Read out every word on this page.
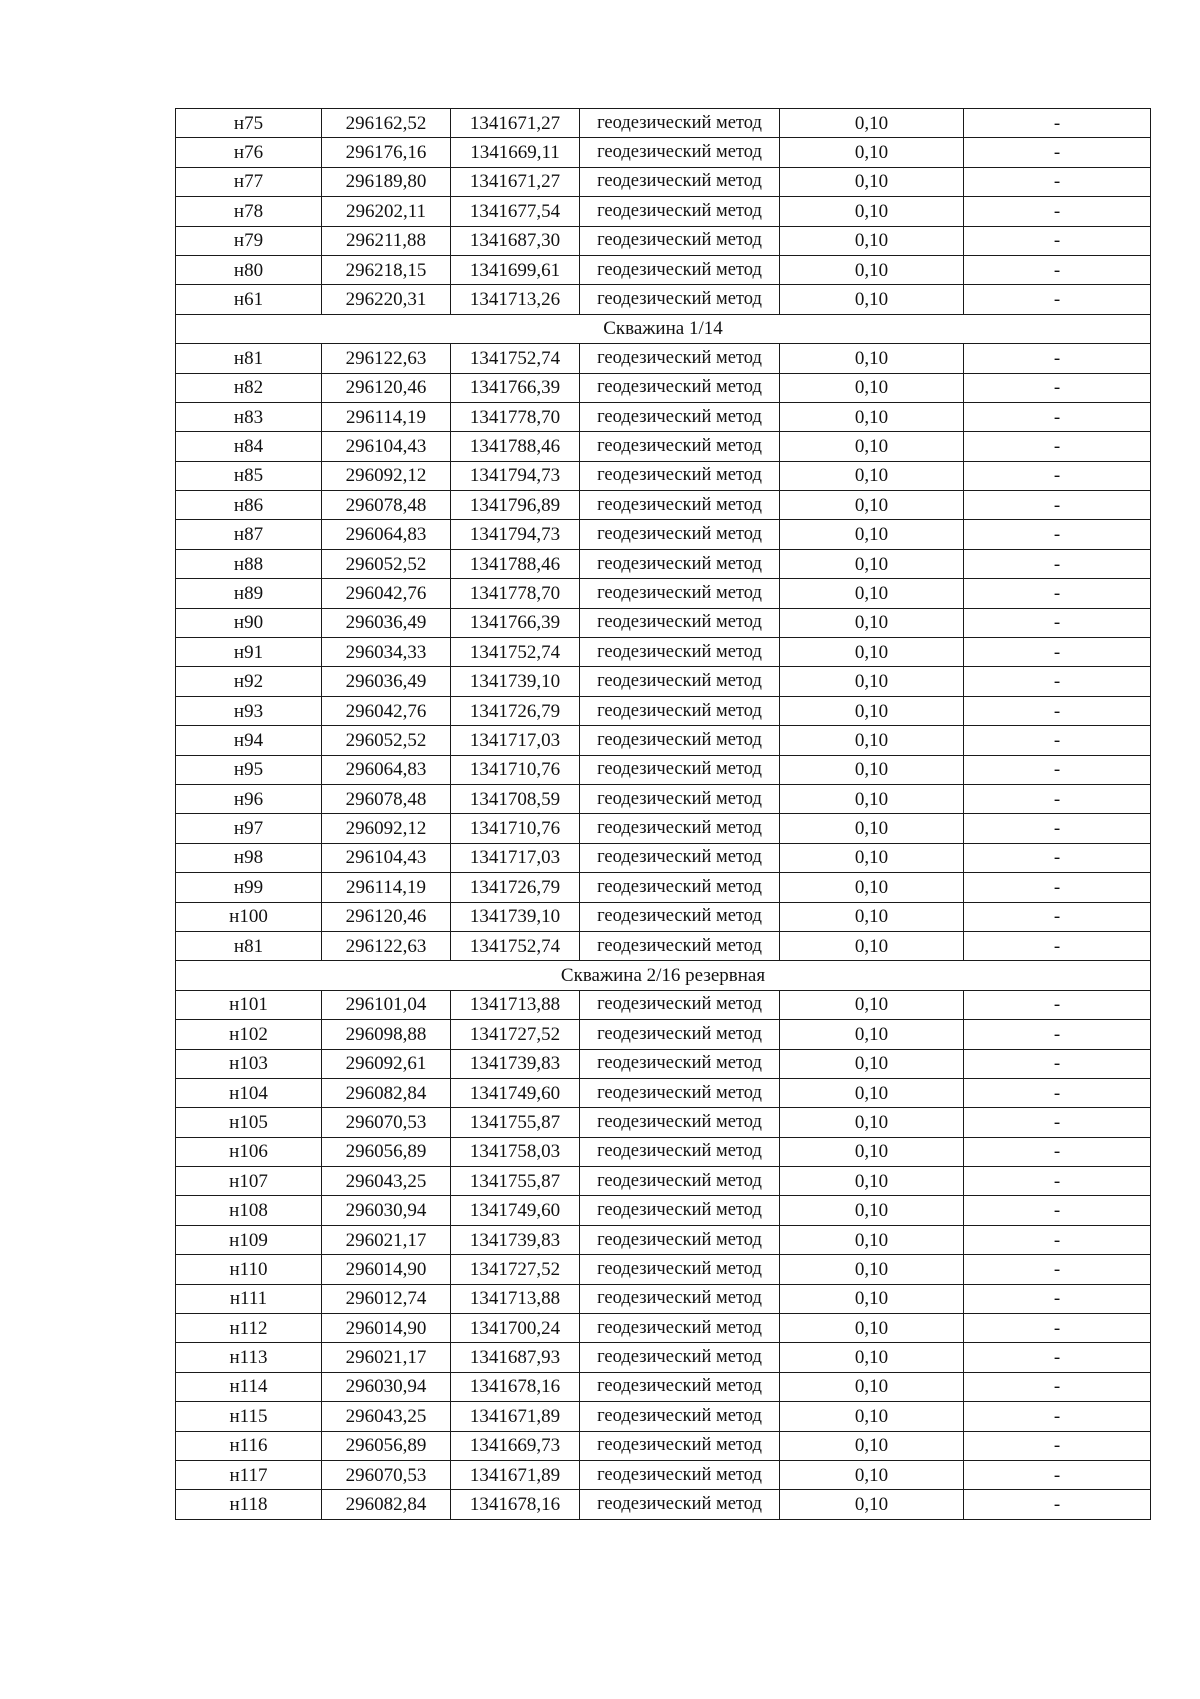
н75	296162,52	1341671,27	геодезический метод	0,10	-
н76	296176,16	1341669,11	геодезический метод	0,10	-
н77	296189,80	1341671,27	геодезический метод	0,10	-
н78	296202,11	1341677,54	геодезический метод	0,10	-
н79	296211,88	1341687,30	геодезический метод	0,10	-
н80	296218,15	1341699,61	геодезический метод	0,10	-
н61	296220,31	1341713,26	геодезический метод	0,10	-
Скважина 1/14					
н81	296122,63	1341752,74	геодезический метод	0,10	-
н82	296120,46	1341766,39	геодезический метод	0,10	-
н83	296114,19	1341778,70	геодезический метод	0,10	-
н84	296104,43	1341788,46	геодезический метод	0,10	-
н85	296092,12	1341794,73	геодезический метод	0,10	-
н86	296078,48	1341796,89	геодезический метод	0,10	-
н87	296064,83	1341794,73	геодезический метод	0,10	-
н88	296052,52	1341788,46	геодезический метод	0,10	-
н89	296042,76	1341778,70	геодезический метод	0,10	-
н90	296036,49	1341766,39	геодезический метод	0,10	-
н91	296034,33	1341752,74	геодезический метод	0,10	-
н92	296036,49	1341739,10	геодезический метод	0,10	-
н93	296042,76	1341726,79	геодезический метод	0,10	-
н94	296052,52	1341717,03	геодезический метод	0,10	-
н95	296064,83	1341710,76	геодезический метод	0,10	-
н96	296078,48	1341708,59	геодезический метод	0,10	-
н97	296092,12	1341710,76	геодезический метод	0,10	-
н98	296104,43	1341717,03	геодезический метод	0,10	-
н99	296114,19	1341726,79	геодезический метод	0,10	-
н100	296120,46	1341739,10	геодезический метод	0,10	-
н81	296122,63	1341752,74	геодезический метод	0,10	-
Скважина 2/16 резервная					
н101	296101,04	1341713,88	геодезический метод	0,10	-
н102	296098,88	1341727,52	геодезический метод	0,10	-
н103	296092,61	1341739,83	геодезический метод	0,10	-
н104	296082,84	1341749,60	геодезический метод	0,10	-
н105	296070,53	1341755,87	геодезический метод	0,10	-
н106	296056,89	1341758,03	геодезический метод	0,10	-
н107	296043,25	1341755,87	геодезический метод	0,10	-
н108	296030,94	1341749,60	геодезический метод	0,10	-
н109	296021,17	1341739,83	геодезический метод	0,10	-
н110	296014,90	1341727,52	геодезический метод	0,10	-
н111	296012,74	1341713,88	геодезический метод	0,10	-
н112	296014,90	1341700,24	геодезический метод	0,10	-
н113	296021,17	1341687,93	геодезический метод	0,10	-
н114	296030,94	1341678,16	геодезический метод	0,10	-
н115	296043,25	1341671,89	геодезический метод	0,10	-
н116	296056,89	1341669,73	геодезический метод	0,10	-
н117	296070,53	1341671,89	геодезический метод	0,10	-
н118	296082,84	1341678,16	геодезический метод	0,10	-
